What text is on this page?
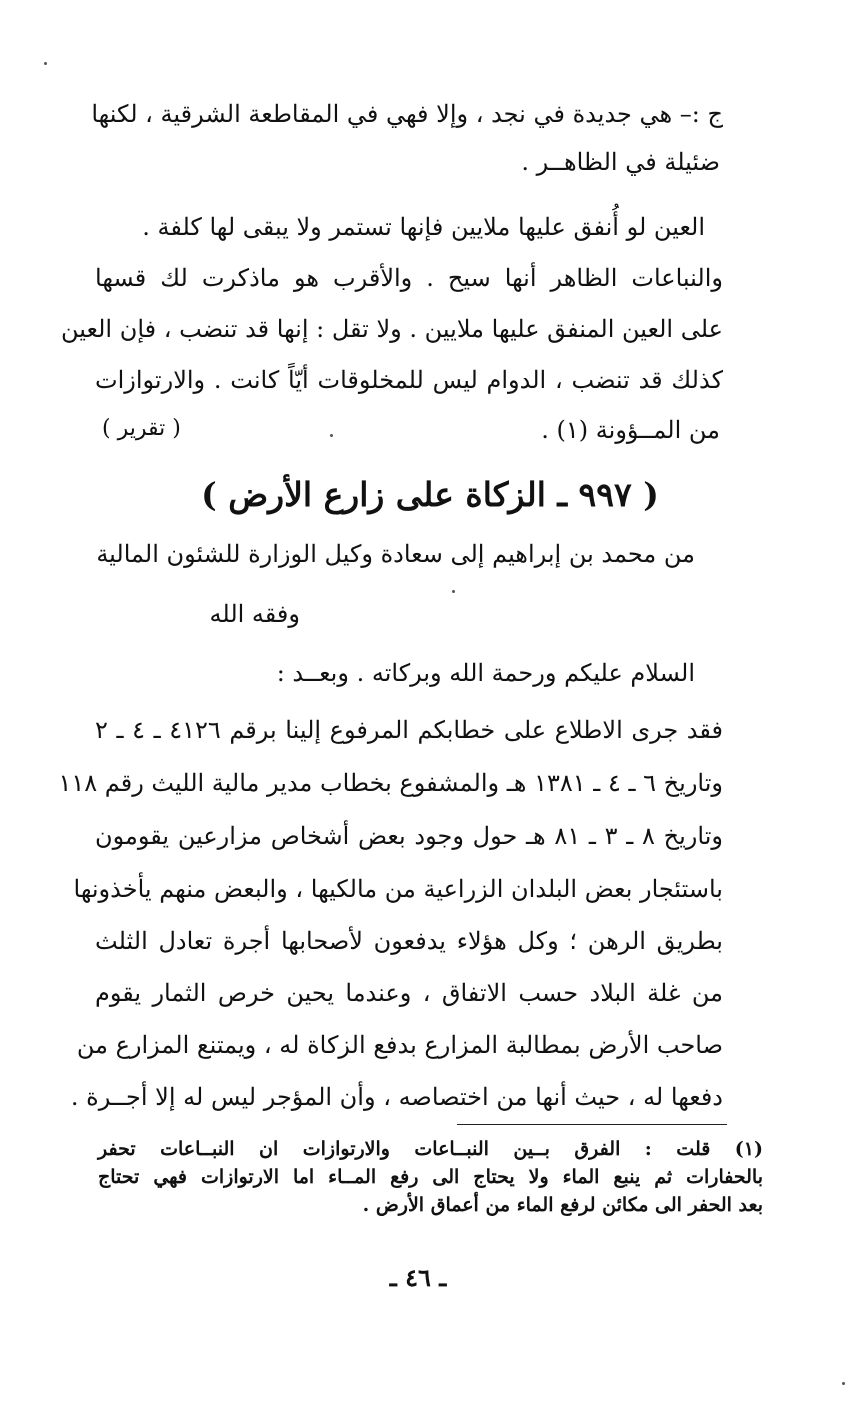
ج :– هي جديدة في نجد ، وإلا فهي في المقاطعة الشرقية ، لكنها
ضئيلة في الظاهــر .
العين لو أُنفق عليها ملايين فإنها تستمر ولا يبقى لها كلفة .
والنباعات الظاهر أنها سيح . والأقرب هو ماذكرت لك قسها
على العين المنفق عليها ملايين . ولا تقل : إنها قد تنضب ، فإن العين
كذلك قد تنضب ، الدوام ليس للمخلوقات أيّاً كانت . والارتوازات
من المــؤونة (١) .
( تقرير )
( ٩٩٧ ـ الزكاة على زارع الأرض )
من محمد بن إبراهيم إلى سعادة وكيل الوزارة للشئون المالية
وفقه الله
السلام عليكم ورحمة الله وبركاته . وبعــد :
فقد جرى الاطلاع على خطابكم المرفوع إلينا برقم ٤١٢٦ ـ ٤ ـ ٢
وتاريخ ٦ ـ ٤ ـ ١٣٨١ هـ والمشفوع بخطاب مدير مالية الليث رقم ١١٨
وتاريخ ٨ ـ ٣ ـ ٨١ هـ حول وجود بعض أشخاص مزارعين يقومون
باستئجار بعض البلدان الزراعية من مالكيها ، والبعض منهم يأخذونها
بطريق الرهن ؛ وكل هؤلاء يدفعون لأصحابها أجرة تعادل الثلث
من غلة البلاد حسب الاتفاق ، وعندما يحين خرص الثمار يقوم
صاحب الأرض بمطالبة المزارع بدفع الزكاة له ، ويمتنع المزارع من
دفعها له ، حيث أنها من اختصاصه ، وأن المؤجر ليس له إلا أجــرة .
(١) قلت : الفرق بــين النبــاعات والارتوازات ان النبــاعات تحفر
بالحفارات ثم ينبع الماء ولا يحتاج الى رفع المــاء اما الارتوازات فهي تحتاج
بعد الحفر الى مكائن لرفع الماء من أعماق الأرض .
ـ ٤٦ ـ
